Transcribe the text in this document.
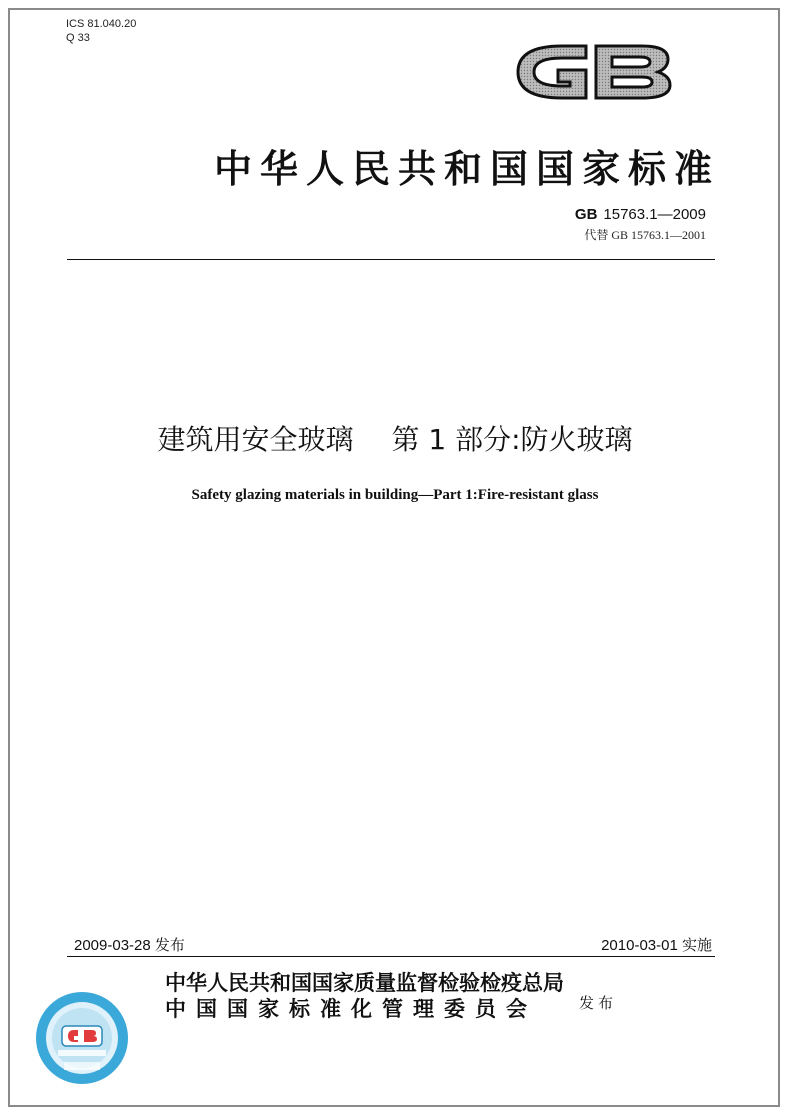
ICS 81.040.20
Q 33
GB
中华人民共和国国家标准
GB 15763.1—2009
代替 GB 15763.1—2001
建筑用安全玻璃 第 1 部分:防火玻璃
Safety glazing materials in building—Part 1:Fire-resistant glass
2009-03-28 发布	2010-03-01 实施
中华人民共和国国家质量监督检验检疫总局
中国国家标准化管理委员会	发布
